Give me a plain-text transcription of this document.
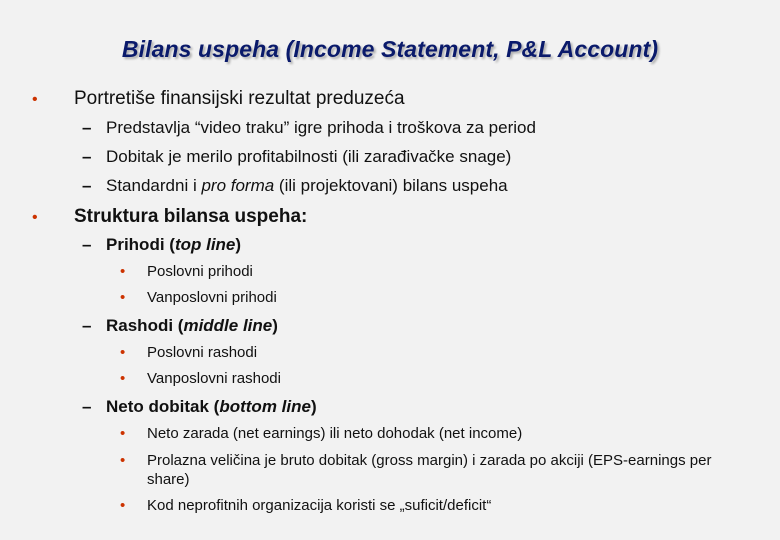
Bilans uspeha (Income Statement, P&L Account)
• Portretiše finansijski rezultat preduzeća
– Predstavlja “video traku” igre prihoda i troškova za period
– Dobitak je merilo profitabilnosti (ili zarađivačke snage)
– Standardni i pro forma (ili projektovani) bilans uspeha
• Struktura bilansa uspeha:
– Prihodi (top line)
• Poslovni prihodi
• Vanposlovni prihodi
– Rashodi (middle line)
• Poslovni rashodi
• Vanposlovni rashodi
– Neto dobitak (bottom line)
• Neto zarada (net earnings) ili neto dohodak (net income)
• Prolazna veličina je bruto dobitak (gross margin) i zarada po akciji (EPS-earnings per share)
• Kod neprofitnih organizacija koristi se „suficit/deficit“
